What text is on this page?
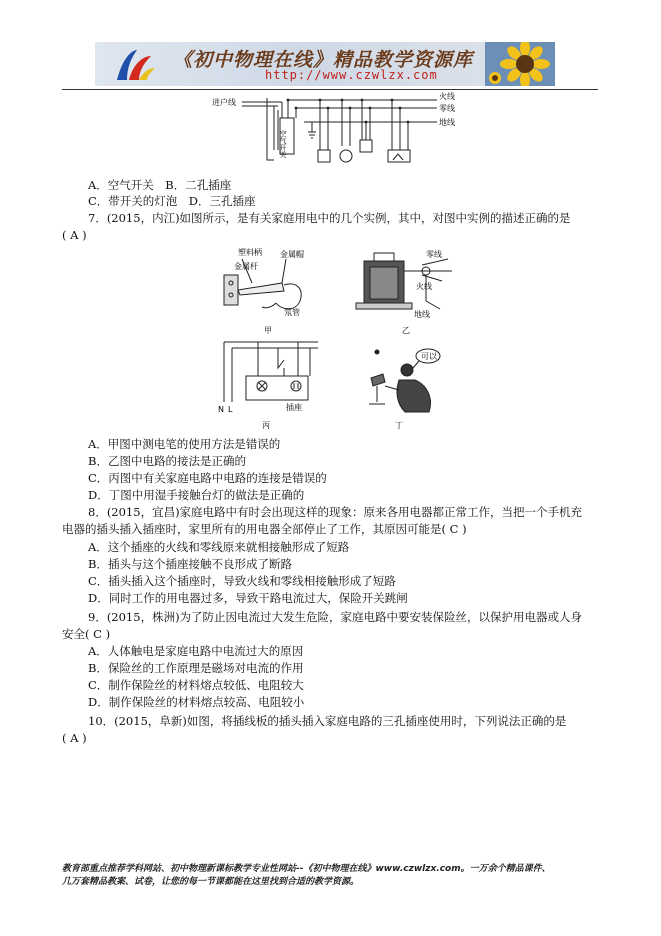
《初中物理在线》精品教学资源库
http://www.czwlzx.com
进户线
空气开关
火线
零线
地线
A．空气开关　B．二孔插座
C．带开关的灯泡　D．三孔插座
7．(2015，内江)如图所示，是有关家庭用电中的几个实例，其中，对图中实例的描述正确的是
( A )
塑料柄 金属帽
金属杆
氖管
甲
零线
火线
地线
乙
N L	插座
丙
可以
丁
A．甲图中测电笔的使用方法是错误的
B．乙图中电路的接法是正确的
C．丙图中有关家庭电路中电路的连接是错误的
D．丁图中用湿手接触台灯的做法是正确的
8．(2015，宜昌)家庭电路中有时会出现这样的现象：原来各用电器都正常工作，当把一个手机充
电器的插头插入插座时，家里所有的用电器全部停止了工作，其原因可能是( C )
A．这个插座的火线和零线原来就相接触形成了短路
B．插头与这个插座接触不良形成了断路
C．插头插入这个插座时，导致火线和零线相接触形成了短路
D．同时工作的用电器过多，导致干路电流过大，保险开关跳闸
9．(2015，株洲)为了防止因电流过大发生危险，家庭电路中要安装保险丝，以保护用电器或人身
安全( C )
A．人体触电是家庭电路中电流过大的原因
B．保险丝的工作原理是磁场对电流的作用
C．制作保险丝的材料熔点较低、电阻较大
D．制作保险丝的材料熔点较高、电阻较小
10．(2015，阜新)如图，将插线板的插头插入家庭电路的三孔插座使用时，下列说法正确的是
( A )
教育部重点推荐学科网站、初中物理新课标教学专业性网站--《初中物理在线》www.czwlzx.com。一万余个精品课件、
几万套精品教案、试卷，让您的每一节课都能在这里找到合适的教学资源。
